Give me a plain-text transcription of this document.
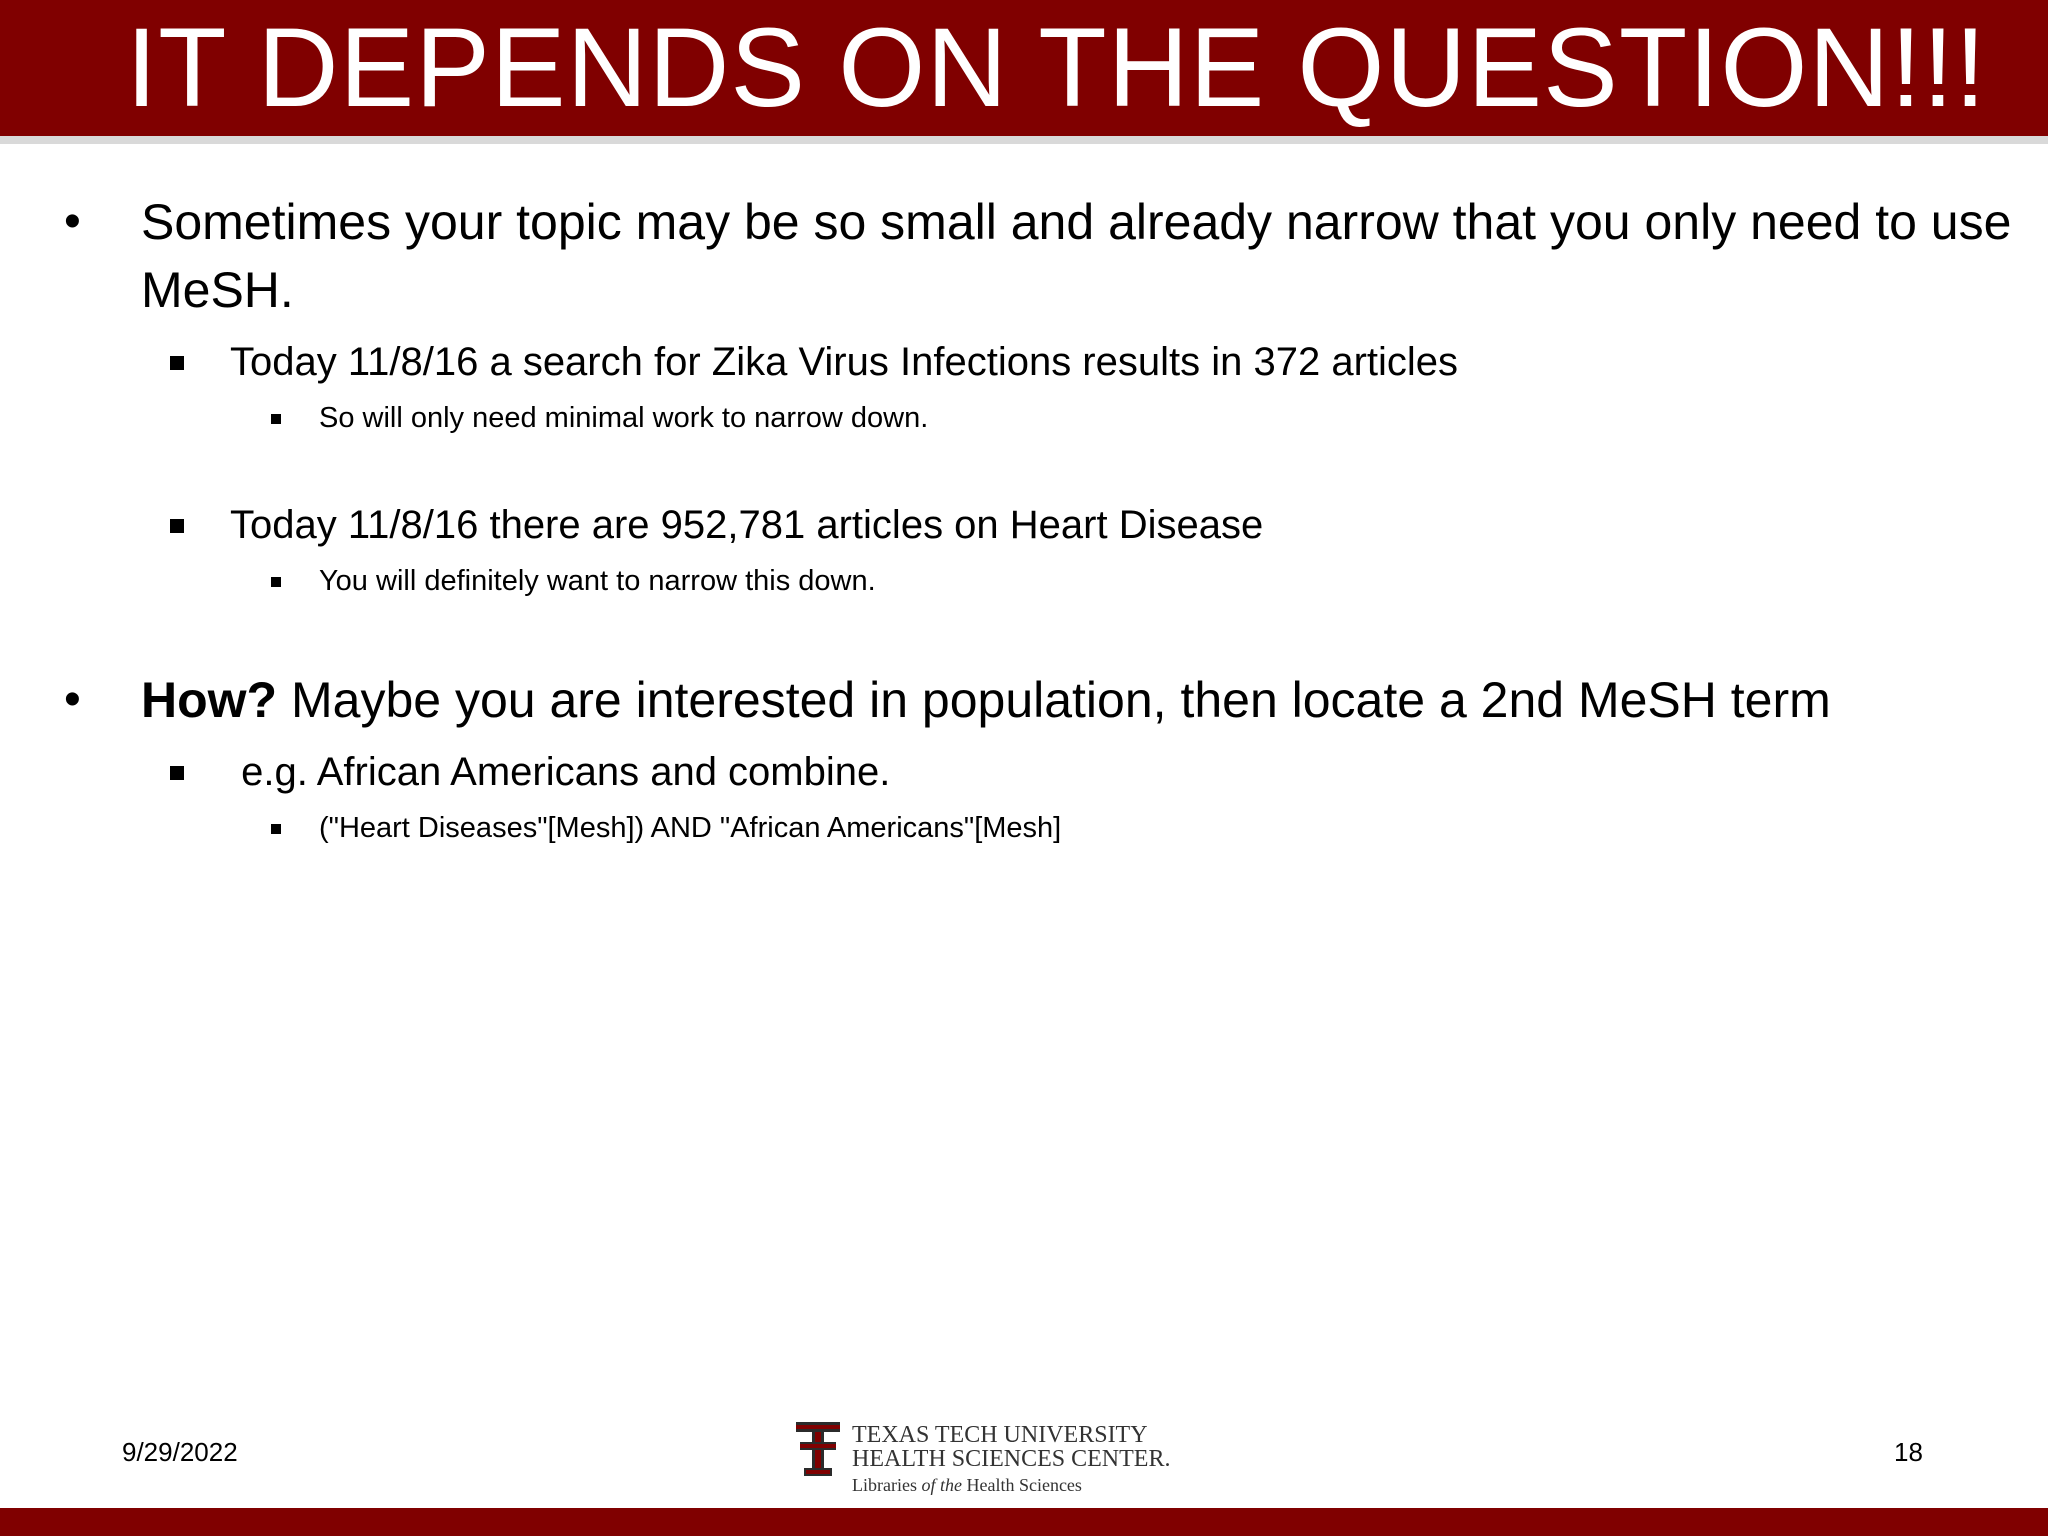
IT DEPENDS ON THE QUESTION!!!
• Sometimes your topic may be so small and already narrow that you only need to use MeSH.
Today 11/8/16 a search for Zika Virus Infections results in 372 articles
So will only need minimal work to narrow down.
Today 11/8/16 there are 952,781 articles on Heart Disease
You will definitely want to narrow this down.
• How? Maybe you are interested in population, then locate a 2nd MeSH term
e.g. African Americans and combine.
("Heart Diseases"[Mesh]) AND "African Americans"[Mesh]
9/29/2022
TEXAS TECH UNIVERSITY
HEALTH SCIENCES CENTER.
Libraries of the Health Sciences
18
